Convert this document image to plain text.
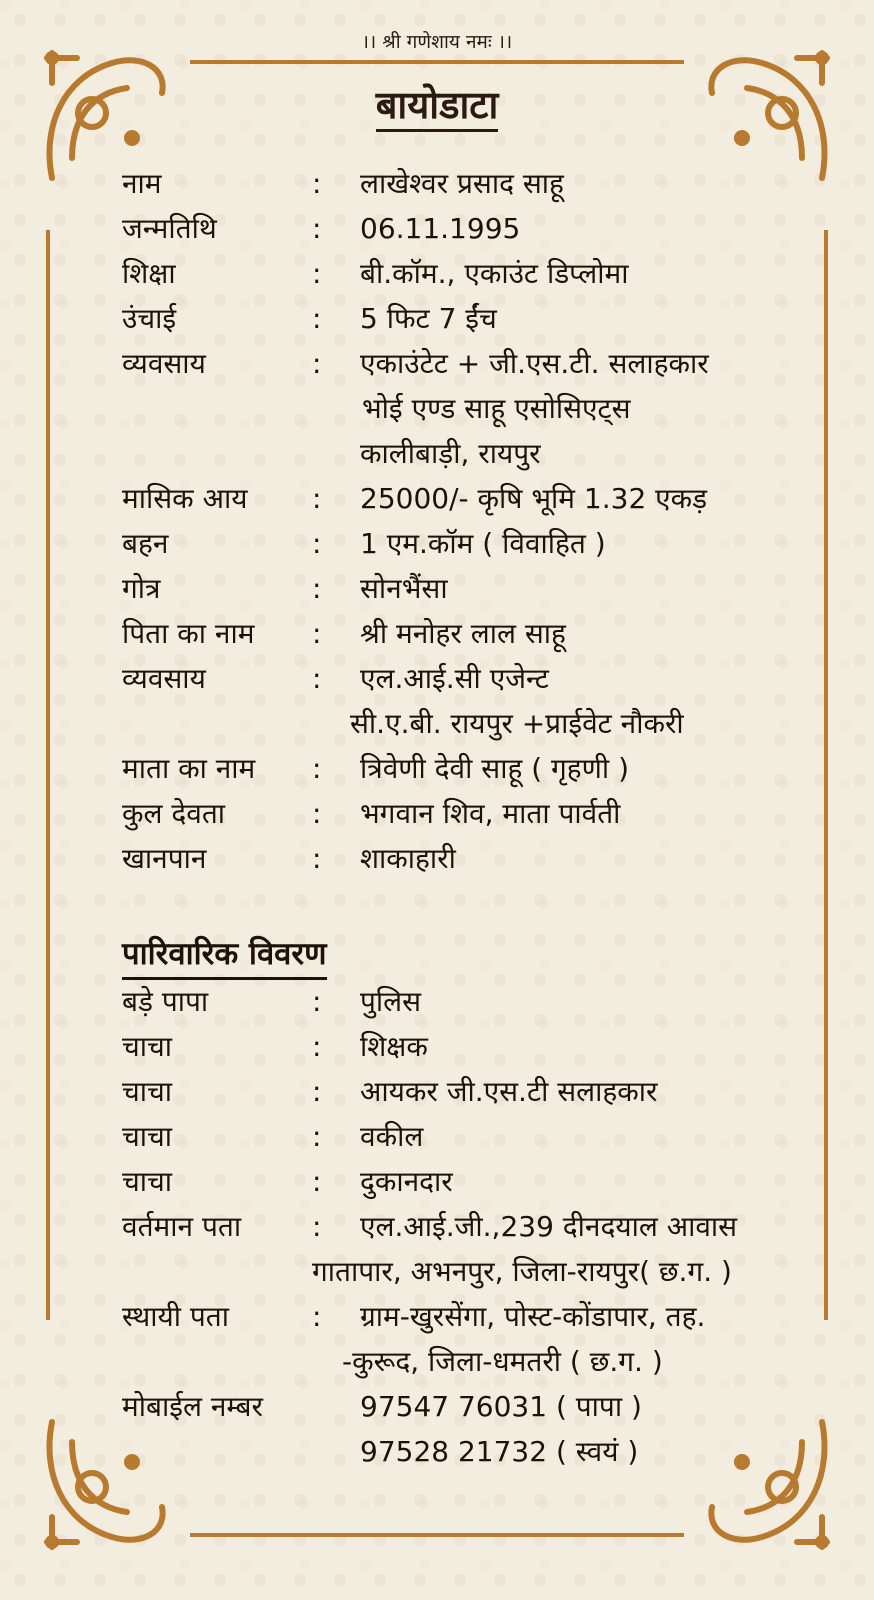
।। श्री गणेशाय नमः ।।
बायोडाटा
नाम	: लाखेश्वर प्रसाद साहू
जन्मतिथि	: 06.11.1995
शिक्षा	: बी.कॉम., एकाउंट डिप्लोमा
उंचाई	: 5 फिट 7 ईंच
व्यवसाय	: एकाउंटेट + जी.एस.टी. सलाहकार
भोई एण्ड साहू एसोसिएट्स
कालीबाड़ी, रायपुर
मासिक आय : 25000/- कृषि भूमि 1.32 एकड़
बहन	: 1 एम.कॉम ( विवाहित )
गोत्र	: सोनभैंसा
पिता का नाम : श्री मनोहर लाल साहू
व्यवसाय	: एल.आई.सी एजेन्ट
सी.ए.बी. रायपुर +प्राईवेट नौकरी
माता का नाम : त्रिवेणी देवी साहू ( गृहणी )
कुल देवता	: भगवान शिव, माता पार्वती
खानपान	: शाकाहारी
पारिवारिक विवरण
बड़े पापा	: पुलिस
चाचा	: शिक्षक
चाचा	: आयकर जी.एस.टी सलाहकार
चाचा	: वकील
चाचा	: दुकानदार
वर्तमान पता	: एल.आई.जी.,239 दीनदयाल आवास
गातापार, अभनपुर, जिला-रायपुर( छ.ग. )
स्थायी पता	: ग्राम-खुरसेंगा, पोस्ट-कोंडापार, तह.
-कुरूद, जिला-धमतरी ( छ.ग. )
मोबाईल नम्बर	97547 76031 ( पापा )
97528 21732 ( स्वयं )
